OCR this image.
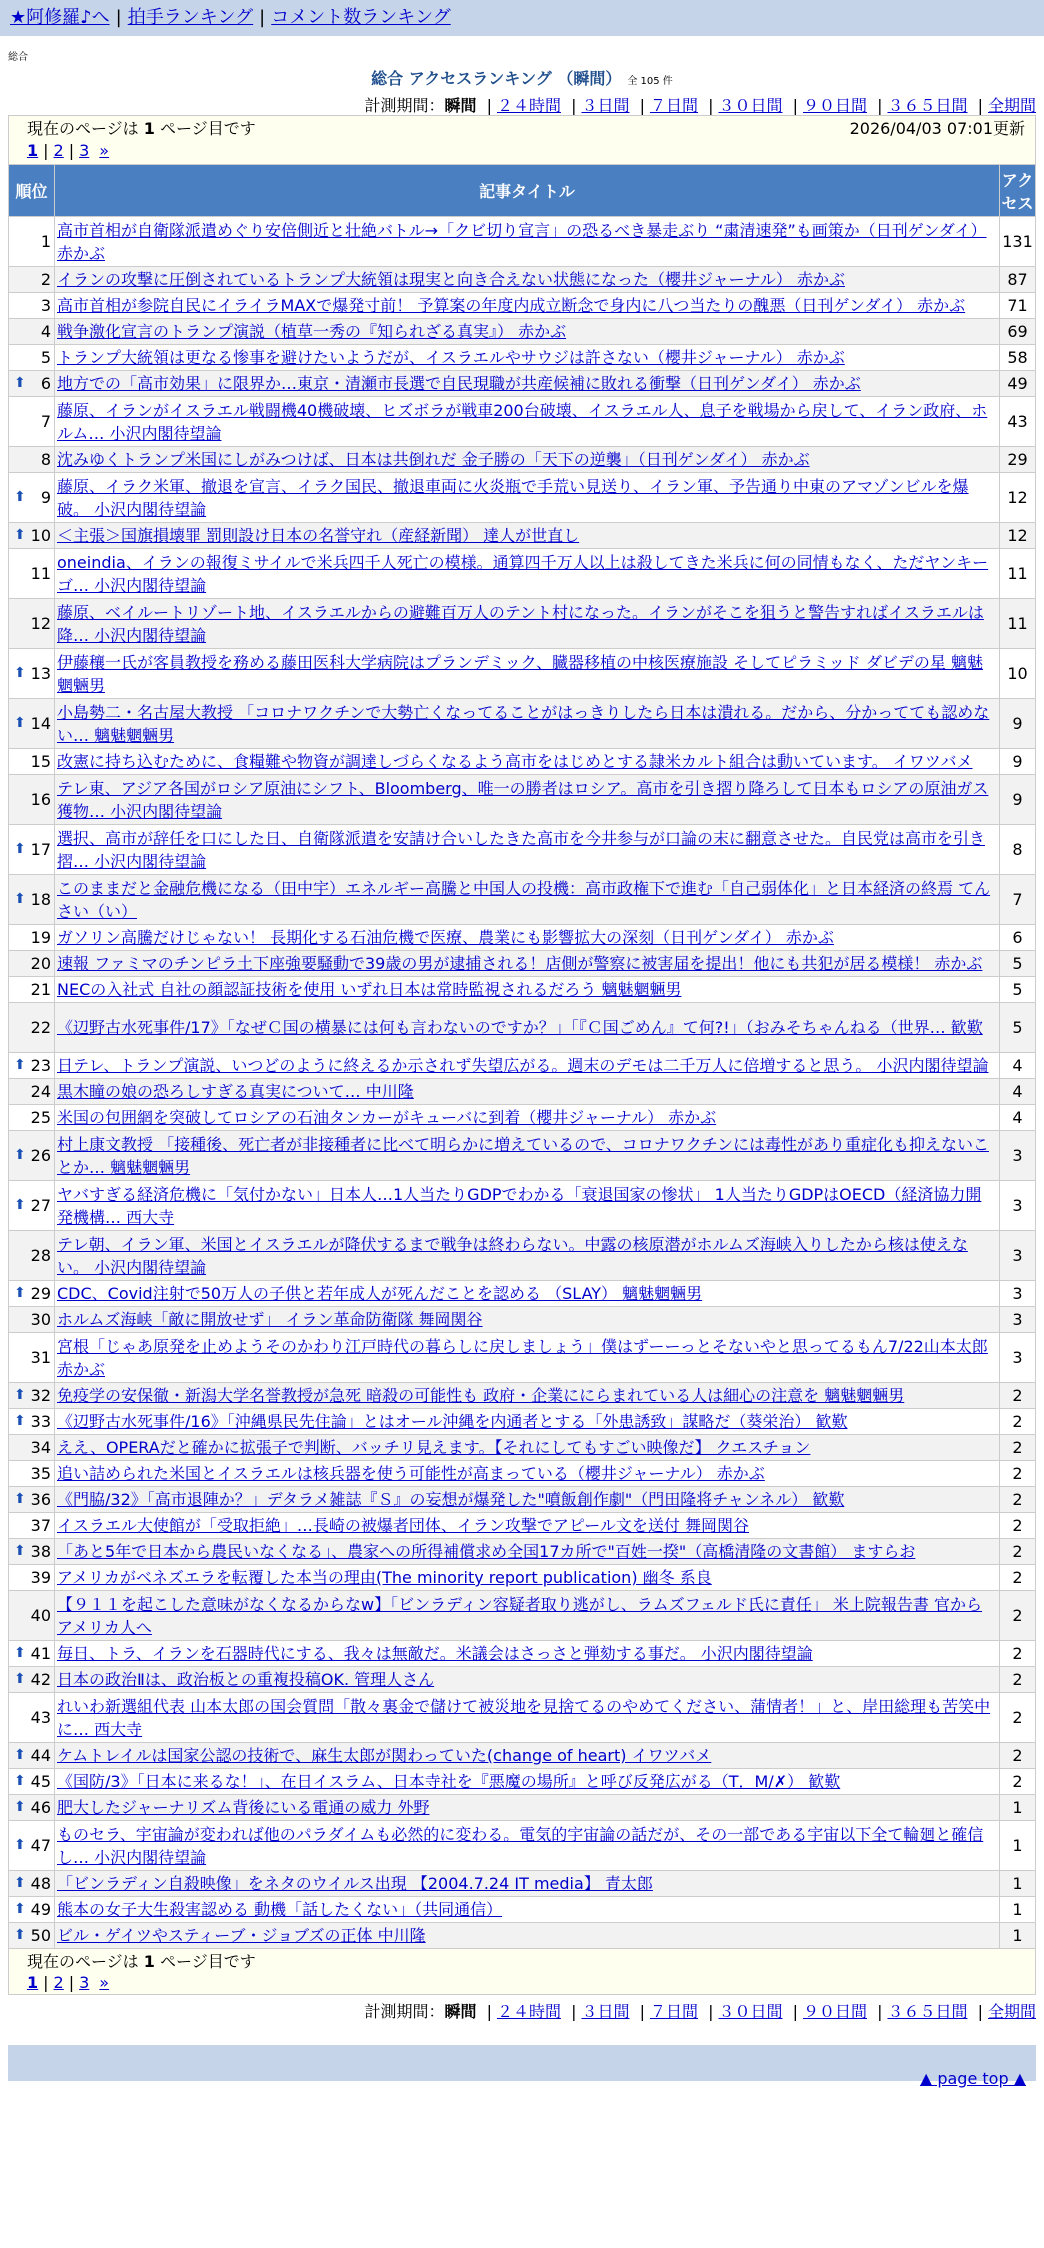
★阿修羅♪へ | 拍手ランキング | コメント数ランキング
総合
総合 アクセスランキング （瞬間） 全 105 件
計測期間：瞬間 | ２４時間 | ３日間 | ７日間 | ３０日間 | ９０日間 | ３６５日間 | 全期間
現在のページは 1 ページ目です	2026/04/03 07:01更新
1 | 2 | 3 »
順位	記事タイトル	アクセス
1	高市首相が自衛隊派遣めぐり安倍側近と壮絶バトル→「クビ切り宣言」の恐るべき暴走ぶり “粛清速発”も画策か（日刊ゲンダイ） 赤かぶ	131
2	イランの攻撃に圧倒されているトランプ大統領は現実と向き合えない状態になった（櫻井ジャーナル） 赤かぶ	87
3	高市首相が参院自民にイライラMAXで爆発寸前！ 予算案の年度内成立断念で身内に八つ当たりの醜悪（日刊ゲンダイ） 赤かぶ	71
4	戦争激化宣言のトランプ演説（植草一秀の『知られざる真実』） 赤かぶ	69
5	トランプ大統領は更なる惨事を避けたいようだが、イスラエルやサウジは許さない（櫻井ジャーナル） 赤かぶ	58

⬆ 6	地方での「高市効果」に限界か…東京・清瀬市長選で自民現職が共産候補に敗れる衝撃（日刊ゲンダイ） 赤かぶ	49
7	藤原、イランがイスラエル戦闘機40機破壊、ヒズボラが戦車200台破壊、イスラエル人、息子を戦場から戻して、イラン政府、ホルム… 小沢内閣待望論	43
8	沈みゆくトランプ米国にしがみつけば、日本は共倒れだ 金子勝の「天下の逆襲」（日刊ゲンダイ） 赤かぶ	29

⬆ 9	藤原、イラク米軍、撤退を宣言、イラク国民、撤退車両に火炎瓶で手荒い見送り、イラン軍、予告通り中東のアマゾンビルを爆破。 小沢内閣待望論	12

⬆ 10	＜主張＞国旗損壊罪 罰則設け日本の名誉守れ（産経新聞） 達人が世直し	12
11	oneindia、イランの報復ミサイルで米兵四千人死亡の模様。通算四千万人以上は殺してきた米兵に何の同情もなく、ただヤンキーゴ… 小沢内閣待望論	11
12	藤原、ベイルートリゾート地、イスラエルからの避難百万人のテント村になった。イランがそこを狙うと警告すればイスラエルは降… 小沢内閣待望論	11

⬆ 13	伊藤穰一氏が客員教授を務める藤田医科大学病院はプランデミック、臓器移植の中核医療施設 そしてピラミッド ダビデの星 魑魅魍魎男	10

⬆ 14	小島勢二・名古屋大教授 「コロナワクチンで大勢亡くなってることがはっきりしたら日本は潰れる。だから、分かってても認めない… 魑魅魍魎男	9
15	改憲に持ち込むために、食糧難や物資が調達しづらくなるよう高市をはじめとする隷米カルト組合は動いています。 イワツバメ	9
16	テレ東、アジア各国がロシア原油にシフト、Bloomberg、唯一の勝者はロシア。高市を引き摺り降ろして日本もロシアの原油ガス獲物… 小沢内閣待望論	9

⬆ 17	選択、高市が辞任を口にした日、自衛隊派遣を安請け合いしたきた高市を今井参与が口論の末に翻意させた。自民党は高市を引き摺… 小沢内閣待望論	8

⬆ 18	このままだと金融危機になる（田中宇）エネルギー高騰と中国人の投機：高市政権下で進む「自己弱体化」と日本経済の終焉 てんさい（い）	7
19	ガソリン高騰だけじゃない！ 長期化する石油危機で医療、農業にも影響拡大の深刻（日刊ゲンダイ） 赤かぶ	6
20	速報 ファミマのチンピラ土下座強要騒動で39歳の男が逮捕される！店側が警察に被害届を提出！他にも共犯が居る模様！ 赤かぶ	5
21	NECの入社式 自社の顔認証技術を使用 いずれ日本は常時監視されるだろう 魑魅魍魎男	5
22	《辺野古水死事件/17》「なぜＣ国の横暴には何も言わないのですか？」「『Ｃ国ごめん』て何?!」（おみそちゃんねる（世界… 歓歎	5

⬆ 23	日テレ、トランプ演説、いつどのように終えるか示されず失望広がる。週末のデモは二千万人に倍増すると思う。 小沢内閣待望論	4
24	黒木瞳の娘の恐ろしすぎる真実について… 中川隆	4
25	米国の包囲網を突破してロシアの石油タンカーがキューバに到着（櫻井ジャーナル） 赤かぶ	4

⬆ 26	村上康文教授 「接種後、死亡者が非接種者に比べて明らかに増えているので、コロナワクチンには毒性があり重症化も抑えないことか… 魑魅魍魎男	3

⬆ 27	ヤバすぎる経済危機に「気付かない」日本人…1人当たりGDPでわかる「衰退国家の惨状」 1人当たりGDPはOECD（経済協力開発機構… 西大寺	3
28	テレ朝、イラン軍、米国とイスラエルが降伏するまで戦争は終わらない。中露の核原潜がホルムズ海峡入りしたから核は使えない。 小沢内閣待望論	3

⬆ 29	CDC、Covid注射で50万人の子供と若年成人が死んだことを認める （SLAY） 魑魅魍魎男	3
30	ホルムズ海峡「敵に開放せず」 イラン革命防衛隊 舞岡関谷	3
31	宮根「じゃあ原発を止めようそのかわり江戸時代の暮らしに戻しましょう」僕はずーーっとそないやと思ってるもん7/22山本太郎 赤かぶ	3

⬆ 32	免疫学の安保徹・新潟大学名誉教授が急死 暗殺の可能性も 政府・企業ににらまれている人は細心の注意を 魑魅魍魎男	2

⬆ 33	《辺野古水死事件/16》「沖縄県民先住論」とはオール沖縄を内通者とする「外患誘致」謀略だ（葵栄治） 歓歎	2
34	ええ、OPERAだと確かに拡張子で判断、バッチリ見えます。【それにしてもすごい映像だ】 クエスチョン	2
35	追い詰められた米国とイスラエルは核兵器を使う可能性が高まっている（櫻井ジャーナル） 赤かぶ	2

⬆ 36	《門脇/32》「高市退陣か？」デタラメ雑誌『Ｓ』の妄想が爆発した"噴飯創作劇"（門田隆将チャンネル） 歓歎	2
37	イスラエル大使館が「受取拒絶」…長崎の被爆者団体、イラン攻撃でアピール文を送付 舞岡関谷	2

⬆ 38	「あと5年で日本から農民いなくなる」、農家への所得補償求め全国17カ所で"百姓一揆"（高橋清隆の文書館） ますらお	2
39	アメリカがベネズエラを転覆した本当の理由(The minority report publication) 幽冬 系良	2
40	【９１１を起こした意味がなくなるからなw】「ビンラディン容疑者取り逃がし、ラムズフェルド氏に責任」 米上院報告書 官からアメリカ人へ	2

⬆ 41	毎日、トラ、イランを石器時代にする、我々は無敵だ。米議会はさっさと弾劾する事だ。 小沢内閣待望論	2

⬆ 42	日本の政治Ⅱは、政治板との重複投稿OK. 管理人さん	2
43	れいわ新選組代表 山本太郎の国会質問「散々裏金で儲けて被災地を見捨てるのやめてください、蒲情者！」と、岸田総理も苦笑中に… 西大寺	2

⬆ 44	ケムトレイルは国家公認の技術で、麻生太郎が関わっていた(change of heart) イワツバメ	2

⬆ 45	《国防/3》「日本に来るな！」、在日イスラム、日本寺社を『悪魔の場所』と呼び反発広がる（T．M/✗） 歓歎	2

⬆ 46	肥大したジャーナリズム背後にいる電通の威力 外野	1

⬆ 47	ものセラ、宇宙論が変われば他のパラダイムも必然的に変わる。電気的宇宙論の話だが、その一部である宇宙以下全て輪廻と確信し… 小沢内閣待望論	1

⬆ 48	「ビンラディン自殺映像」をネタのウイルス出現 【2004.7.24 IT media】 青太郎	1

⬆ 49	熊本の女子大生殺害認める 動機「話したくない」（共同通信）	1

⬆ 50	ビル・ゲイツやスティーブ・ジョブズの正体 中川隆	1
現在のページは 1 ページ目です
1 | 2 | 3 »
計測期間：瞬間 | ２４時間 | ３日間 | ７日間 | ３０日間 | ９０日間 | ３６５日間 | 全期間
▲ page top ▲
